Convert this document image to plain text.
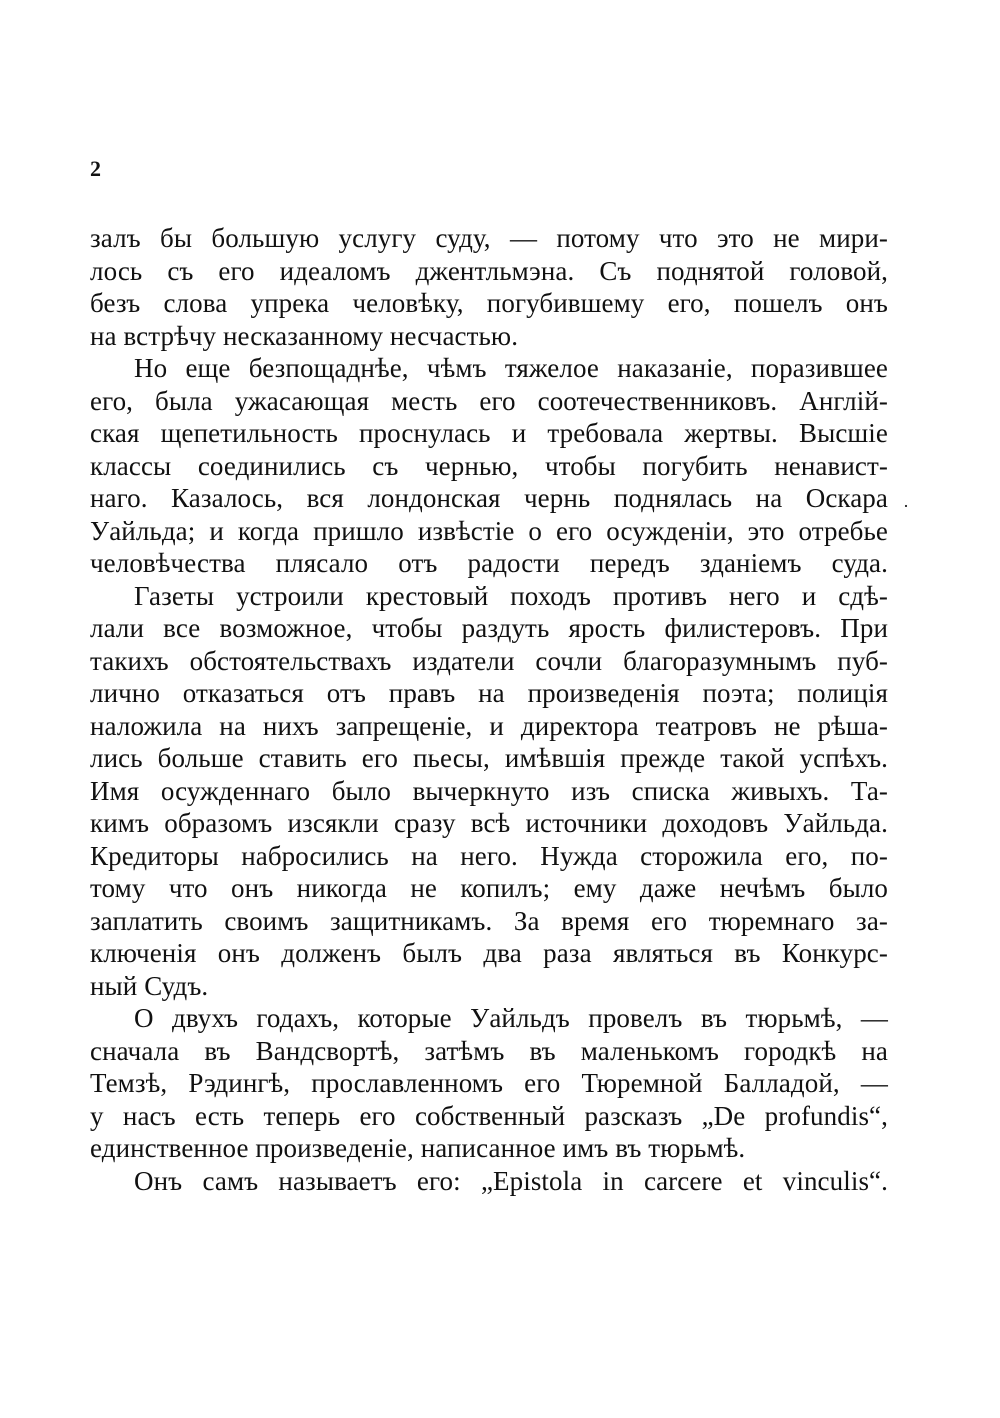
2
·
залъ бы большую услугу суду, — потому что это не мири-
лось съ его идеаломъ джентльмэна. Съ поднятой головой,
безъ слова упрека человѣку, погубившему его, пошелъ онъ
на встрѣчу несказанному несчастью.
Но еще безпощаднѣе, чѣмъ тяжелое наказаніе, поразившее
его, была ужасающая месть его соотечественниковъ. Англій-
ская щепетильность проснулась и требовала жертвы. Высшіе
классы соединились съ чернью, чтобы погубить ненавист-
наго. Казалось, вся лондонская чернь поднялась на Оскара
Уайльда; и когда пришло извѣстіе о его осужденіи, это отребье
человѣчества плясало отъ радости передъ зданіемъ суда.
Газеты устроили крестовый походъ противъ него и сдѣ-
лали все возможное, чтобы раздуть ярость филистеровъ. При
такихъ обстоятельствахъ издатели сочли благоразумнымъ пуб-
лично отказаться отъ правъ на произведенія поэта; полиція
наложила на нихъ запрещеніе, и директора театровъ не рѣша-
лись больше ставить его пьесы, имѣвшія прежде такой успѣхъ.
Имя осужденнаго было вычеркнуто изъ списка живыхъ. Та-
кимъ образомъ изсякли сразу всѣ источники доходовъ Уайльда.
Кредиторы набросились на него. Нужда сторожила его, по-
тому что онъ никогда не копилъ; ему даже нечѣмъ было
заплатить своимъ защитникамъ. За время его тюремнаго за-
ключенія онъ долженъ былъ два раза являться въ Конкурс-
ный Судъ.
О двухъ годахъ, которые Уайльдъ провелъ въ тюрьмѣ, —
сначала въ Вандсвортѣ, затѣмъ въ маленькомъ городкѣ на
Темзѣ, Рэдингѣ, прославленномъ его Тюремной Балладой, —
у насъ есть теперь его собственный разсказъ „De profundis“,
единственное произведеніе, написанное имъ въ тюрьмѣ.
Онъ самъ называетъ его: „Epistola in carcere et vinculis“.
